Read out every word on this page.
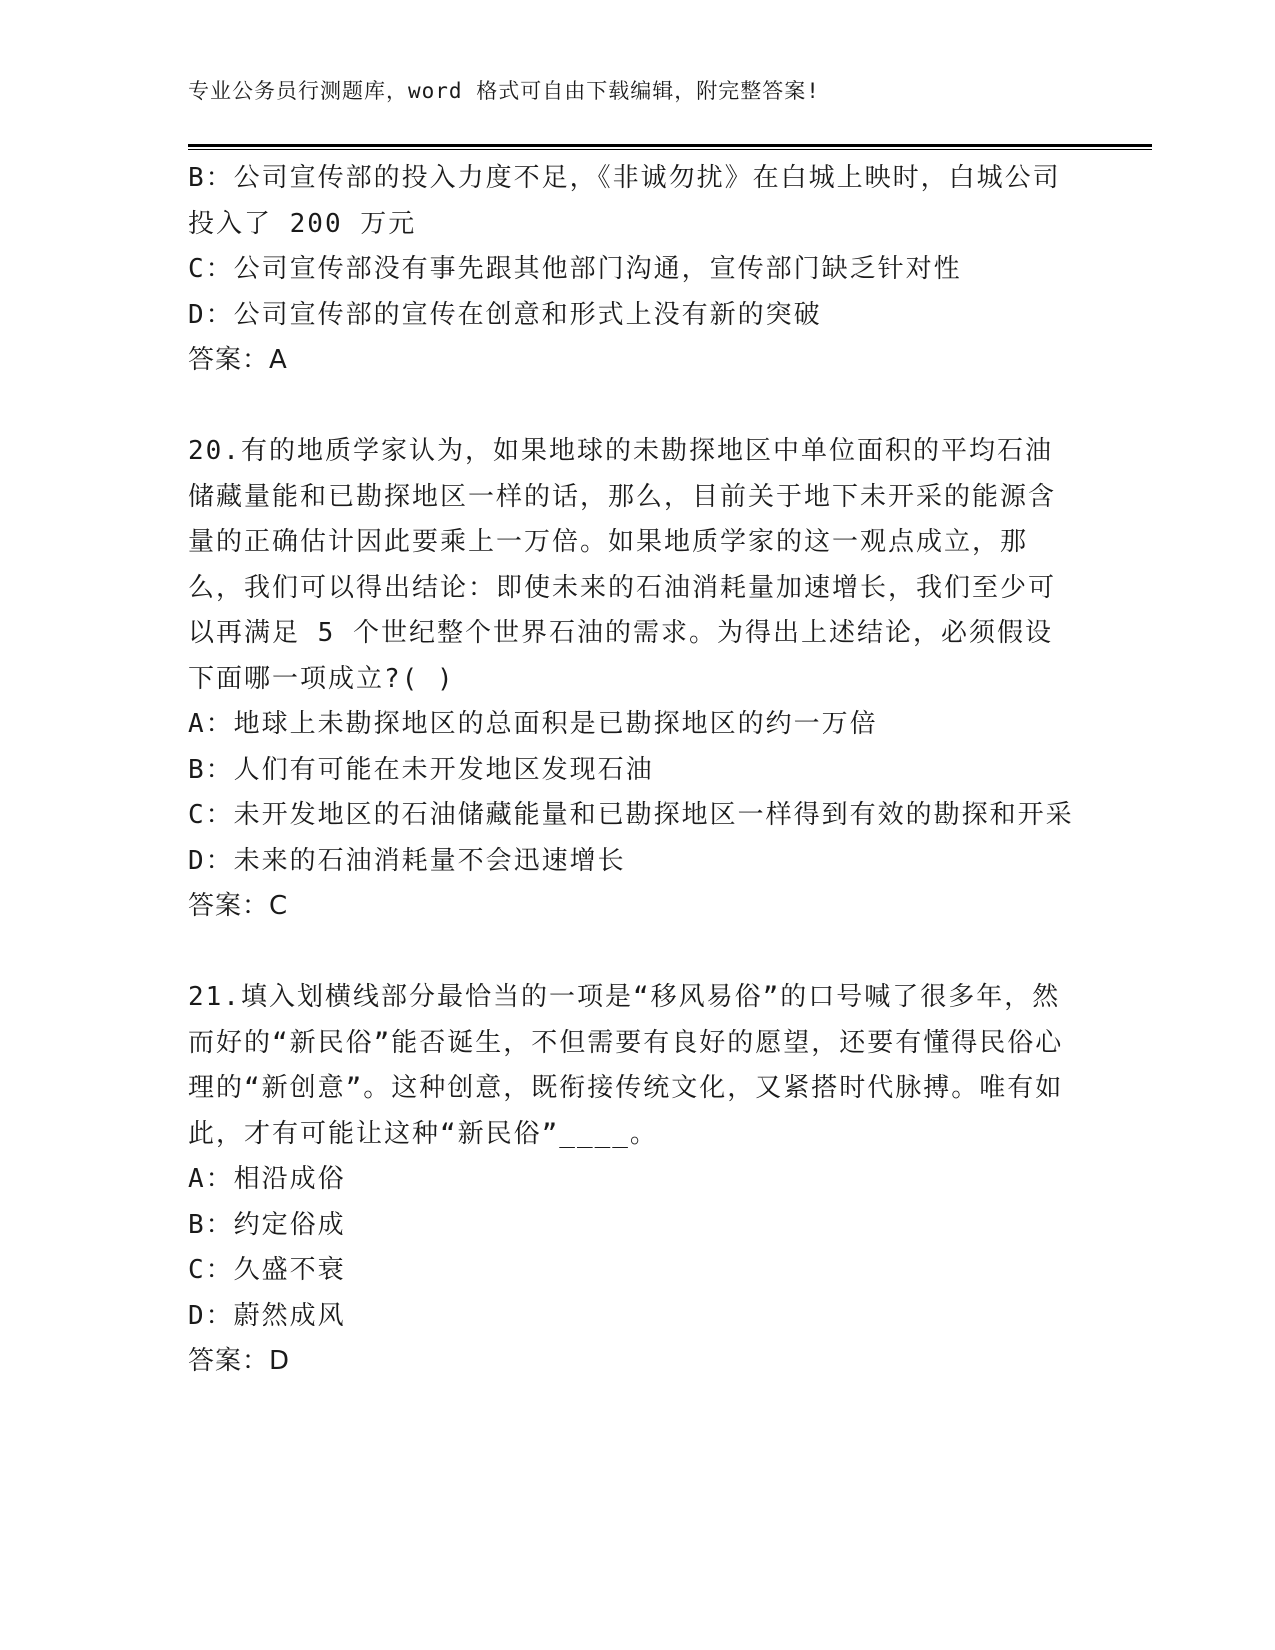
专业公务员行测题库，word 格式可自由下载编辑，附完整答案!

B：公司宣传部的投入力度不足，《非诚勿扰》在白城上映时，白城公司投入了 200 万元

C：公司宣传部没有事先跟其他部门沟通，宣传部门缺乏针对性

D：公司宣传部的宣传在创意和形式上没有新的突破

答案：A

20.有的地质学家认为，如果地球的未勘探地区中单位面积的平均石油储藏量能和已勘探地区一样的话，那么，目前关于地下未开采的能源含量的正确估计因此要乘上一万倍。如果地质学家的这一观点成立，那么，我们可以得出结论：即使未来的石油消耗量加速增长，我们至少可以再满足 5 个世纪整个世界石油的需求。为得出上述结论，必须假设下面哪一项成立?( )

A：地球上未勘探地区的总面积是已勘探地区的约一万倍

B：人们有可能在未开发地区发现石油

C：未开发地区的石油储藏能量和已勘探地区一样得到有效的勘探和开采

D：未来的石油消耗量不会迅速增长

答案：C

21.填入划横线部分最恰当的一项是“移风易俗”的口号喊了很多年，然而好的“新民俗”能否诞生，不但需要有良好的愿望，还要有懂得民俗心理的“新创意”。这种创意，既衔接传统文化，又紧搭时代脉搏。唯有如此，才有可能让这种“新民俗”____。

A：相沿成俗

B：约定俗成

C：久盛不衰

D：蔚然成风

答案：D
